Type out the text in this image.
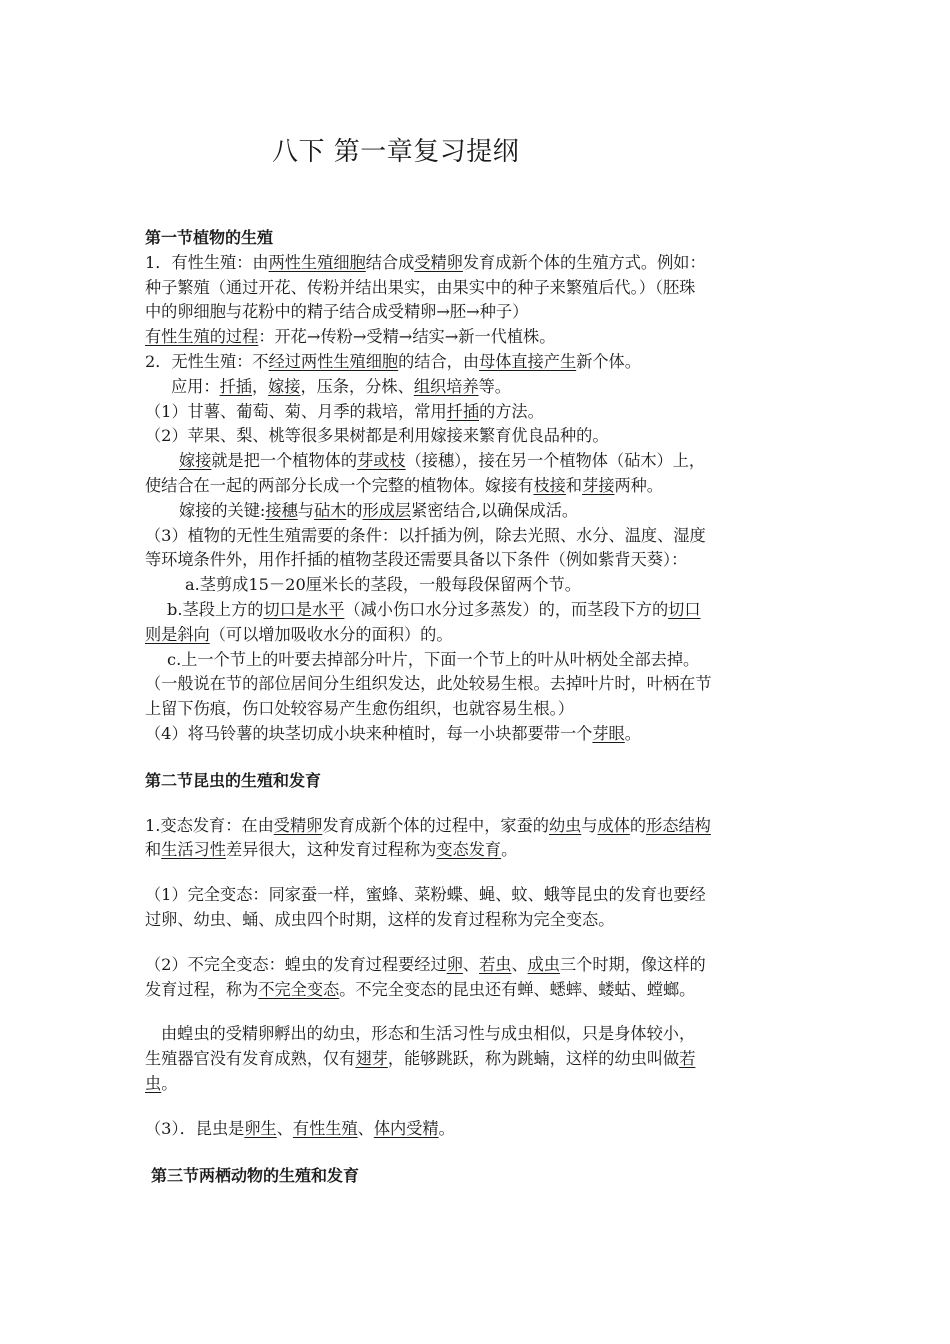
八下 第一章复习提纲

第一节植物的生殖

1．有性生殖：由两性生殖细胞结合成受精卵发育成新个体的生殖方式。例如：

种子繁殖（通过开花、传粉并结出果实，由果实中的种子来繁殖后代。）（胚珠

中的卵细胞与花粉中的精子结合成受精卵→胚→种子）

有性生殖的过程：开花→传粉→受精→结实→新一代植株。

2．无性生殖：不经过两性生殖细胞的结合，由母体直接产生新个体。

应用：扦插，嫁接，压条，分株、组织培养等。

（1）甘薯、葡萄、菊、月季的栽培，常用扦插的方法。

（2）苹果、梨、桃等很多果树都是利用嫁接来繁育优良品种的。

嫁接就是把一个植物体的芽或枝（接穗），接在另一个植物体（砧木）上，

使结合在一起的两部分长成一个完整的植物体。嫁接有枝接和芽接两种。

嫁接的关键:接穗与砧木的形成层紧密结合,以确保成活。

（3）植物的无性生殖需要的条件：以扦插为例，除去光照、水分、温度、湿度

等环境条件外，用作扦插的植物茎段还需要具备以下条件（例如紫背天葵）：

a.茎剪成15－20厘米长的茎段，一般每段保留两个节。

b.茎段上方的切口是水平（减小伤口水分过多蒸发）的，而茎段下方的切口

则是斜向（可以增加吸收水分的面积）的。

c.上一个节上的叶要去掉部分叶片，下面一个节上的叶从叶柄处全部去掉。

（一般说在节的部位居间分生组织发达，此处较易生根。去掉叶片时，叶柄在节

上留下伤痕，伤口处较容易产生愈伤组织，也就容易生根。）

（4）将马铃薯的块茎切成小块来种植时，每一小块都要带一个芽眼。

第二节昆虫的生殖和发育

1.变态发育：在由受精卵发育成新个体的过程中，家蚕的幼虫与成体的形态结构

和生活习性差异很大，这种发育过程称为变态发育。

（1）完全变态：同家蚕一样，蜜蜂、菜粉蝶、蝇、蚊、蛾等昆虫的发育也要经

过卵、幼虫、蛹、成虫四个时期，这样的发育过程称为完全变态。

（2）不完全变态：蝗虫的发育过程要经过卵、若虫、成虫三个时期，像这样的

发育过程，称为不完全变态。不完全变态的昆虫还有蝉、蟋蟀、蝼蛄、螳螂。

由蝗虫的受精卵孵出的幼虫，形态和生活习性与成虫相似，只是身体较小，

生殖器官没有发育成熟，仅有翅芽，能够跳跃，称为跳蝻，这样的幼虫叫做若

虫。

（3）．昆虫是卵生、有性生殖、体内受精。

第三节两栖动物的生殖和发育
